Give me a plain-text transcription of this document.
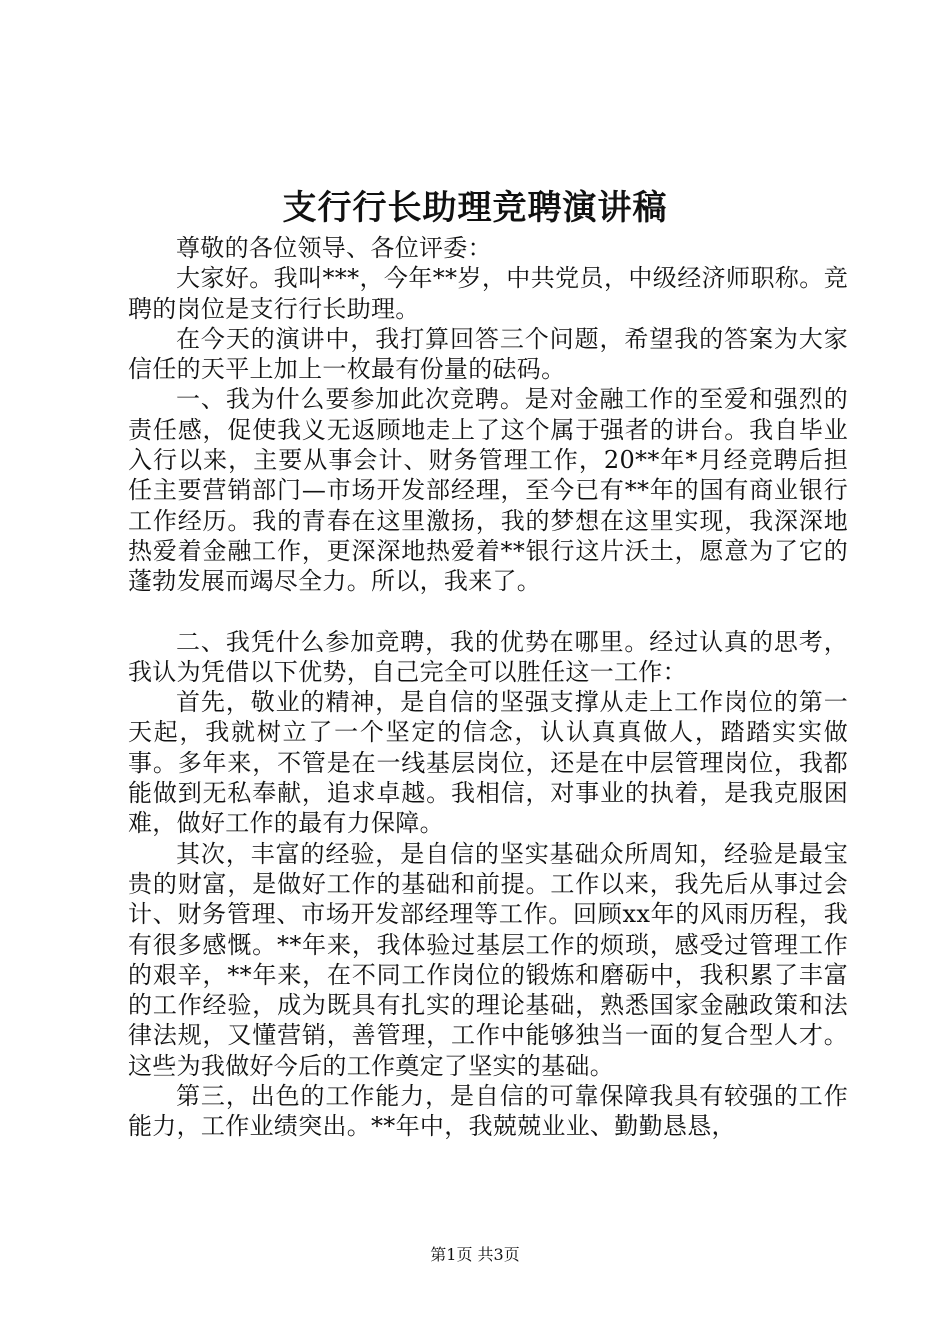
支行行长助理竞聘演讲稿

尊敬的各位领导、各位评委：

大家好。我叫***，今年**岁，中共党员，中级经济师职称。竞聘的岗位是支行行长助理。

在今天的演讲中，我打算回答三个问题，希望我的答案为大家信任的天平上加上一枚最有份量的砝码。

一、我为什么要参加此次竞聘。是对金融工作的至爱和强烈的责任感，促使我义无返顾地走上了这个属于强者的讲台。我自毕业入行以来，主要从事会计、财务管理工作，20**年*月经竞聘后担任主要营销部门—市场开发部经理，至今已有**年的国有商业银行工作经历。我的青春在这里激扬，我的梦想在这里实现，我深深地热爱着金融工作，更深深地热爱着**银行这片沃土，愿意为了它的蓬勃发展而竭尽全力。所以，我来了。

二、我凭什么参加竞聘，我的优势在哪里。经过认真的思考，我认为凭借以下优势，自己完全可以胜任这一工作：

首先，敬业的精神，是自信的坚强支撑从走上工作岗位的第一天起，我就树立了一个坚定的信念，认认真真做人，踏踏实实做事。多年来，不管是在一线基层岗位，还是在中层管理岗位，我都能做到无私奉献，追求卓越。我相信，对事业的执着，是我克服困难，做好工作的最有力保障。

其次，丰富的经验，是自信的坚实基础众所周知，经验是最宝贵的财富，是做好工作的基础和前提。工作以来，我先后从事过会计、财务管理、市场开发部经理等工作。回顾xx年的风雨历程，我有很多感慨。**年来，我体验过基层工作的烦琐，感受过管理工作的艰辛，**年来，在不同工作岗位的锻炼和磨砺中，我积累了丰富的工作经验，成为既具有扎实的理论基础，熟悉国家金融政策和法律法规，又懂营销，善管理，工作中能够独当一面的复合型人才。这些为我做好今后的工作奠定了坚实的基础。

第三，出色的工作能力，是自信的可靠保障我具有较强的工作能力，工作业绩突出。**年中，我兢兢业业、勤勤恳恳，

第1页 共3页
